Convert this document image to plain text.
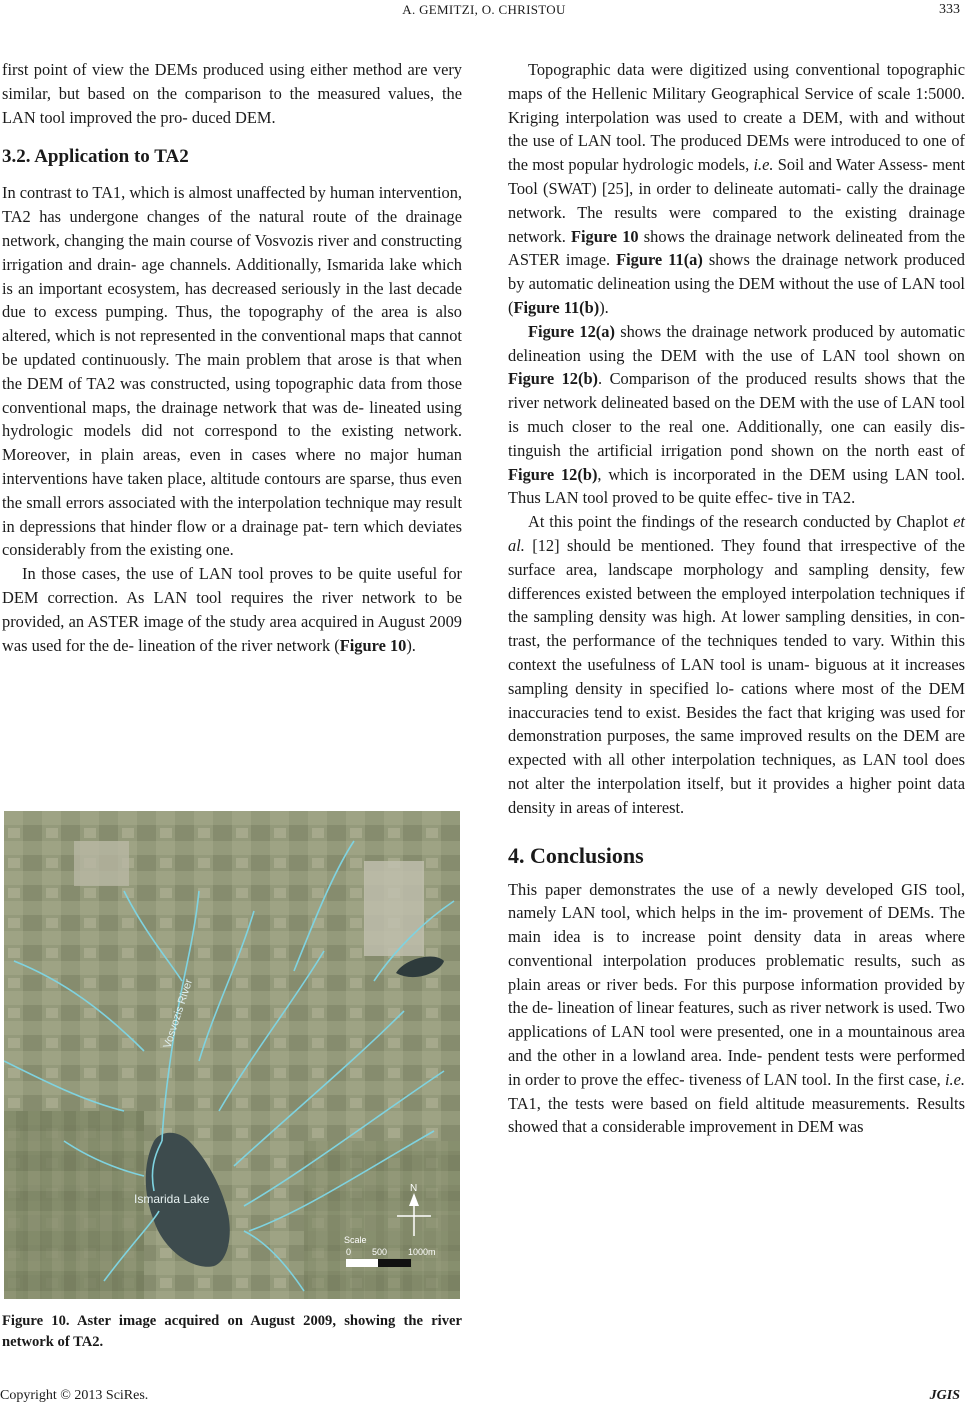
A. GEMITZI, O. CHRISTOU	333

first point of view the DEMs produced using either method are very similar, but based on the comparison to the measured values, the LAN tool improved the pro- duced DEM.

3.2. Application to TA2

In contrast to TA1, which is almost unaffected by human intervention, TA2 has undergone changes of the natural route of the drainage network, changing the main course of Vosvozis river and constructing irrigation and drain- age channels. Additionally, Ismarida lake which is an important ecosystem, has decreased seriously in the last decade due to excess pumping. Thus, the topography of the area is also altered, which is not represented in the conventional maps that cannot be updated continuously. The main problem that arose is that when the DEM of TA2 was constructed, using topographic data from those conventional maps, the drainage network that was de- lineated using hydrologic models did not correspond to the existing network. Moreover, in plain areas, even in cases where no major human interventions have taken place, altitude contours are sparse, thus even the small errors associated with the interpolation technique may result in depressions that hinder flow or a drainage pat- tern which deviates considerably from the existing one.

In those cases, the use of LAN tool proves to be quite useful for DEM correction. As LAN tool requires the river network to be provided, an ASTER image of the study area acquired in August 2009 was used for the de- lineation of the river network (Figure 10).

Vosvozis River
Ismarida Lake
N
Scale
0 500 1000m
Figure 10. Aster image acquired on August 2009, showing the river network of TA2.

Topographic data were digitized using conventional topographic maps of the Hellenic Military Geographical Service of scale 1:5000. Kriging interpolation was used to create a DEM, with and without the use of LAN tool. The produced DEMs were introduced to one of the most popular hydrologic models, i.e. Soil and Water Assess- ment Tool (SWAT) [25], in order to delineate automati- cally the drainage network. The results were compared to the existing drainage network. Figure 10 shows the drainage network delineated from the ASTER image. Figure 11(a) shows the drainage network produced by automatic delineation using the DEM without the use of LAN tool (Figure 11(b)).

Figure 12(a) shows the drainage network produced by automatic delineation using the DEM with the use of LAN tool shown on Figure 12(b). Comparison of the produced results shows that the river network delineated based on the DEM with the use of LAN tool is much closer to the real one. Additionally, one can easily dis- tinguish the artificial irrigation pond shown on the north east of Figure 12(b), which is incorporated in the DEM using LAN tool. Thus LAN tool proved to be quite effec- tive in TA2.

At this point the findings of the research conducted by Chaplot et al. [12] should be mentioned. They found that irrespective of the surface area, landscape morphology and sampling density, few differences existed between the employed interpolation techniques if the sampling density was high. At lower sampling densities, in con- trast, the performance of the techniques tended to vary. Within this context the usefulness of LAN tool is unam- biguous at it increases sampling density in specified lo- cations where most of the DEM inaccuracies tend to exist. Besides the fact that kriging was used for demonstration purposes, the same improved results on the DEM are expected with all other interpolation techniques, as LAN tool does not alter the interpolation itself, but it provides a higher point data density in areas of interest.

4. Conclusions

This paper demonstrates the use of a newly developed GIS tool, namely LAN tool, which helps in the im- provement of DEMs. The main idea is to increase point density data in areas where conventional interpolation produces problematic results, such as plain areas or river beds. For this purpose information provided by the de- lineation of linear features, such as river network is used. Two applications of LAN tool were presented, one in a mountainous area and the other in a lowland area. Inde- pendent tests were performed in order to prove the effec- tiveness of LAN tool. In the first case, i.e. TA1, the tests were based on field altitude measurements. Results showed that a considerable improvement in DEM was

Copyright © 2013 SciRes.	JGIS
